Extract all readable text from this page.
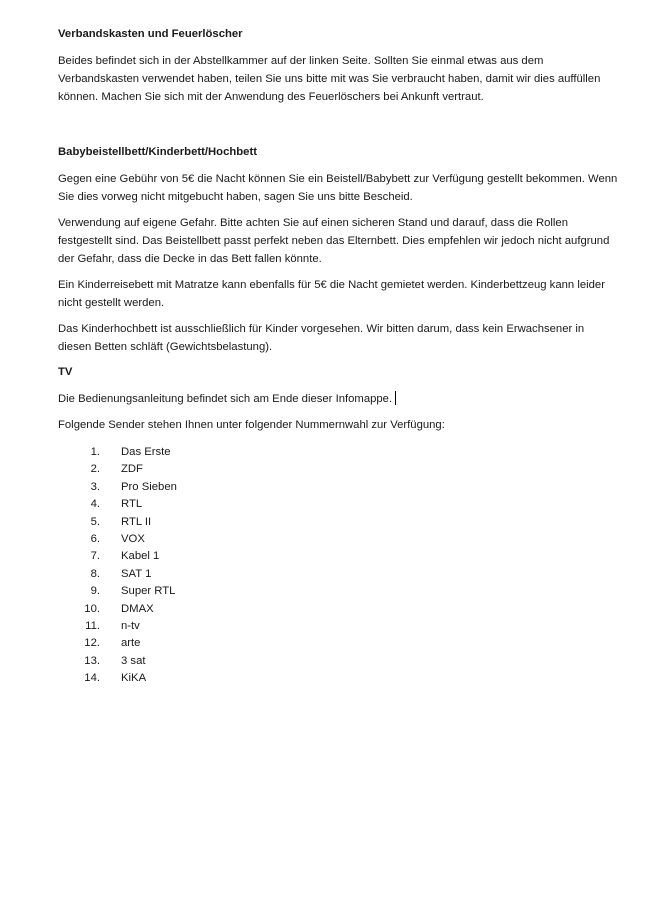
Verbandskasten und Feuerlöscher

Beides befindet sich in der Abstellkammer auf der linken Seite. Sollten Sie einmal etwas aus dem Verbandskasten verwendet haben, teilen Sie uns bitte mit was Sie verbraucht haben, damit wir dies auffüllen können. Machen Sie sich mit der Anwendung des Feuerlöschers bei Ankunft vertraut.

Babybeistellbett/Kinderbett/Hochbett

Gegen eine Gebühr von 5€ die Nacht können Sie ein Beistell/Babybett zur Verfügung gestellt bekommen. Wenn Sie dies vorweg nicht mitgebucht haben, sagen Sie uns bitte Bescheid.

Verwendung auf eigene Gefahr. Bitte achten Sie auf einen sicheren Stand und darauf, dass die Rollen festgestellt sind. Das Beistellbett passt perfekt neben das Elternbett. Dies empfehlen wir jedoch nicht aufgrund der Gefahr, dass die Decke in das Bett fallen könnte.

Ein Kinderreisebett mit Matratze kann ebenfalls für 5€ die Nacht gemietet werden. Kinderbettzeug kann leider nicht gestellt werden.

Das Kinderhochbett ist ausschließlich für Kinder vorgesehen. Wir bitten darum, dass kein Erwachsener in diesen Betten schläft (Gewichtsbelastung).

TV

Die Bedienungsanleitung befindet sich am Ende dieser Infomappe.

Folgende Sender stehen Ihnen unter folgender Nummernwahl zur Verfügung:

1. Das Erste
2. ZDF
3. Pro Sieben
4. RTL
5. RTL II
6. VOX
7. Kabel 1
8. SAT 1
9. Super RTL
10. DMAX
11. n-tv
12. arte
13. 3 sat
14. KiKA
